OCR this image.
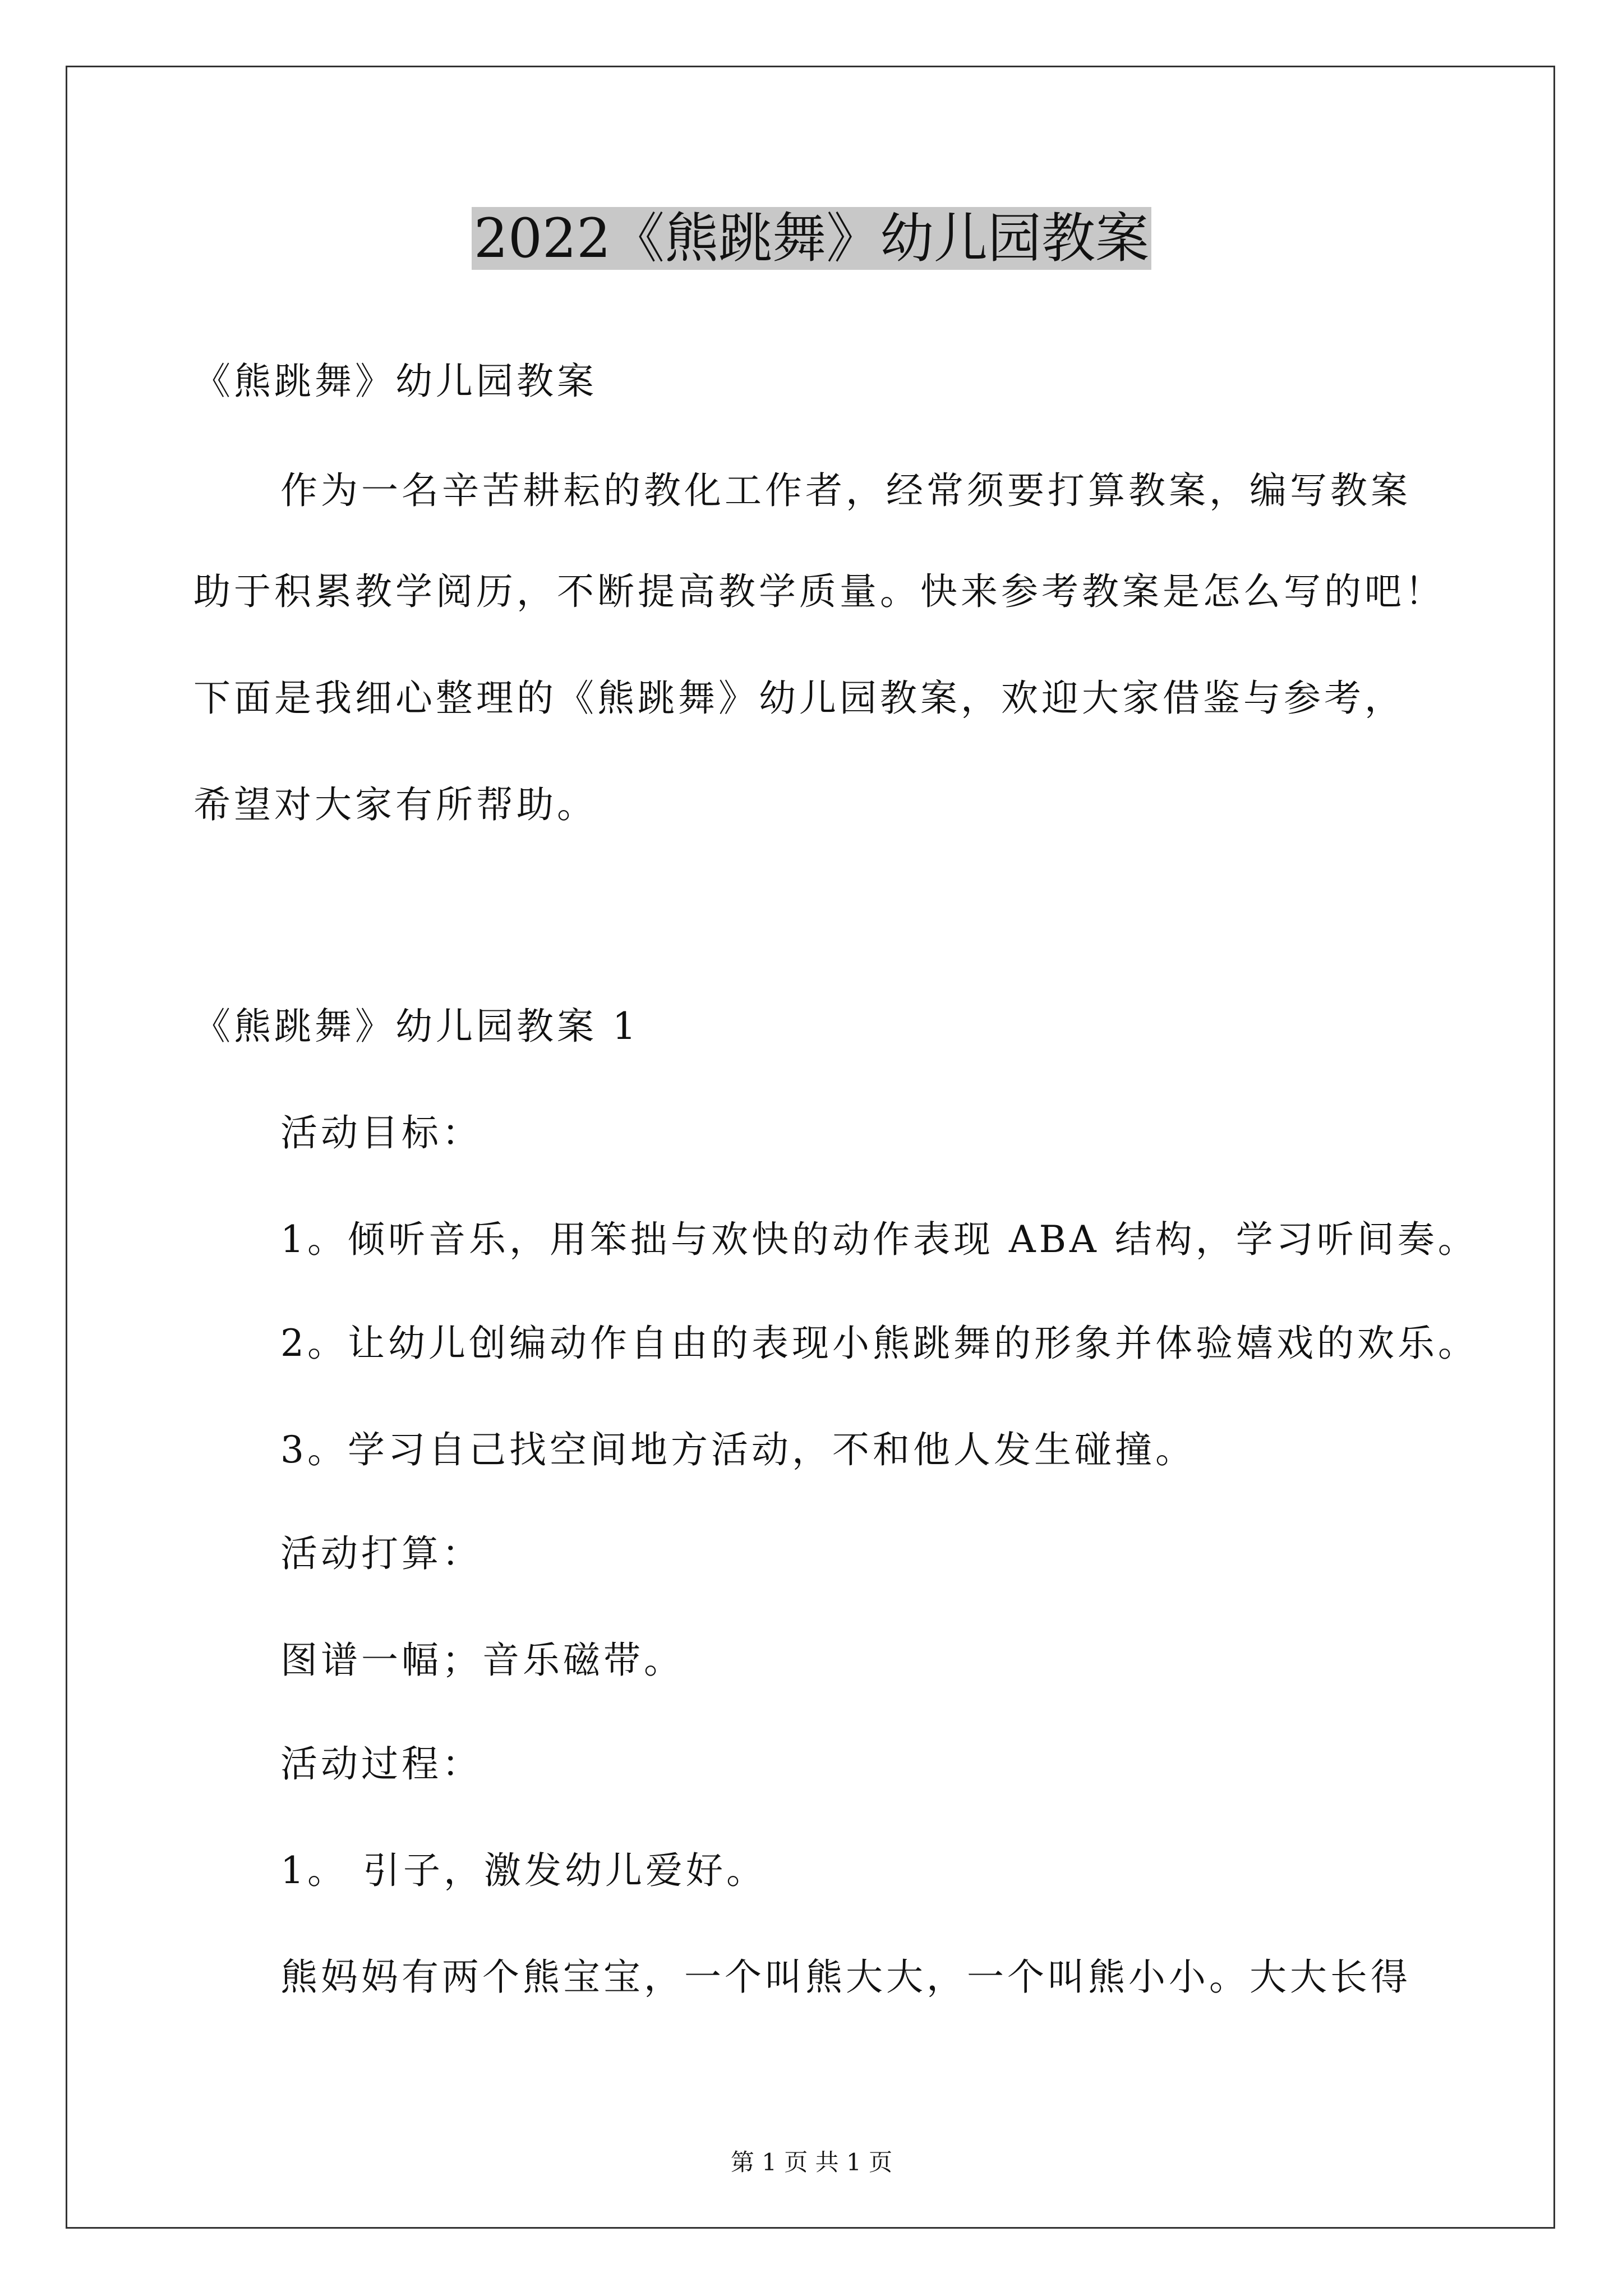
2022《熊跳舞》幼儿园教案

《熊跳舞》幼儿园教案

作为一名辛苦耕耘的教化工作者，经常须要打算教案，编写教案

助于积累教学阅历，不断提高教学质量。快来参考教案是怎么写的吧！

下面是我细心整理的《熊跳舞》幼儿园教案，欢迎大家借鉴与参考，

希望对大家有所帮助。

《熊跳舞》幼儿园教案 1

活动目标：

1。倾听音乐，用笨拙与欢快的动作表现 ABA 结构，学习听间奏。

2。让幼儿创编动作自由的表现小熊跳舞的形象并体验嬉戏的欢乐。

3。学习自己找空间地方活动，不和他人发生碰撞。

活动打算：

图谱一幅；音乐磁带。

活动过程：

1。 引子，激发幼儿爱好。

熊妈妈有两个熊宝宝，一个叫熊大大，一个叫熊小小。大大长得

第 1 页 共 1 页
